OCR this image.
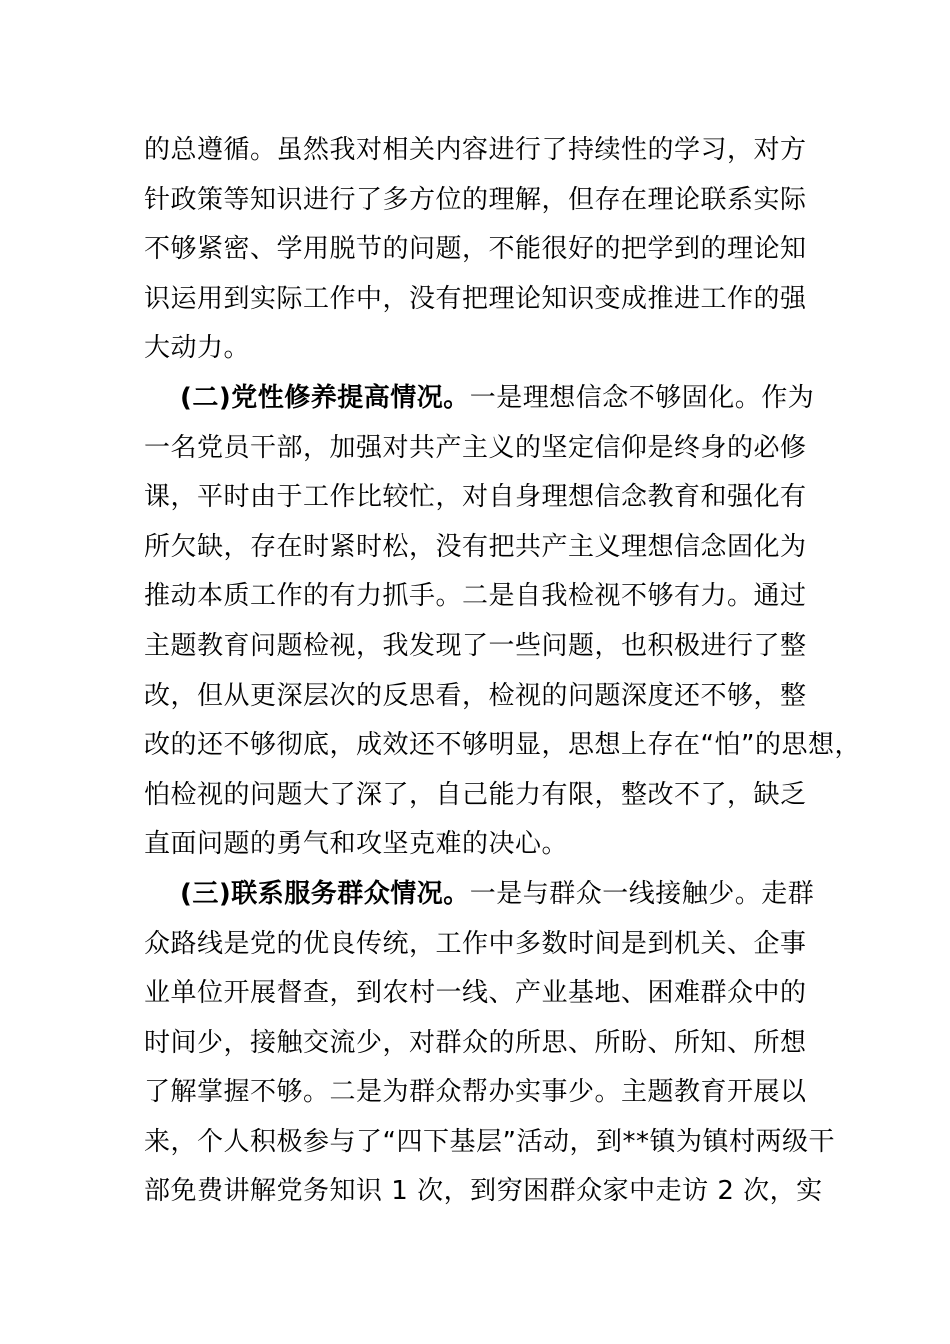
的总遵循。虽然我对相关内容进行了持续性的学习，对方
针政策等知识进行了多方位的理解，但存在理论联系实际
不够紧密、学用脱节的问题，不能很好的把学到的理论知
识运用到实际工作中，没有把理论知识变成推进工作的强
大动力。
(二)党性修养提高情况。一是理想信念不够固化。作为
一名党员干部，加强对共产主义的坚定信仰是终身的必修
课，平时由于工作比较忙，对自身理想信念教育和强化有
所欠缺，存在时紧时松，没有把共产主义理想信念固化为
推动本质工作的有力抓手。二是自我检视不够有力。通过
主题教育问题检视，我发现了一些问题，也积极进行了整
改，但从更深层次的反思看，检视的问题深度还不够，整
改的还不够彻底，成效还不够明显，思想上存在“怕”的思想，
怕检视的问题大了深了，自己能力有限，整改不了，缺乏
直面问题的勇气和攻坚克难的决心。
(三)联系服务群众情况。一是与群众一线接触少。走群
众路线是党的优良传统，工作中多数时间是到机关、企事
业单位开展督查，到农村一线、产业基地、困难群众中的
时间少，接触交流少，对群众的所思、所盼、所知、所想
了解掌握不够。二是为群众帮办实事少。主题教育开展以
来，个人积极参与了“四下基层”活动，到**镇为镇村两级干
部免费讲解党务知识 1 次，到穷困群众家中走访 2 次，实
